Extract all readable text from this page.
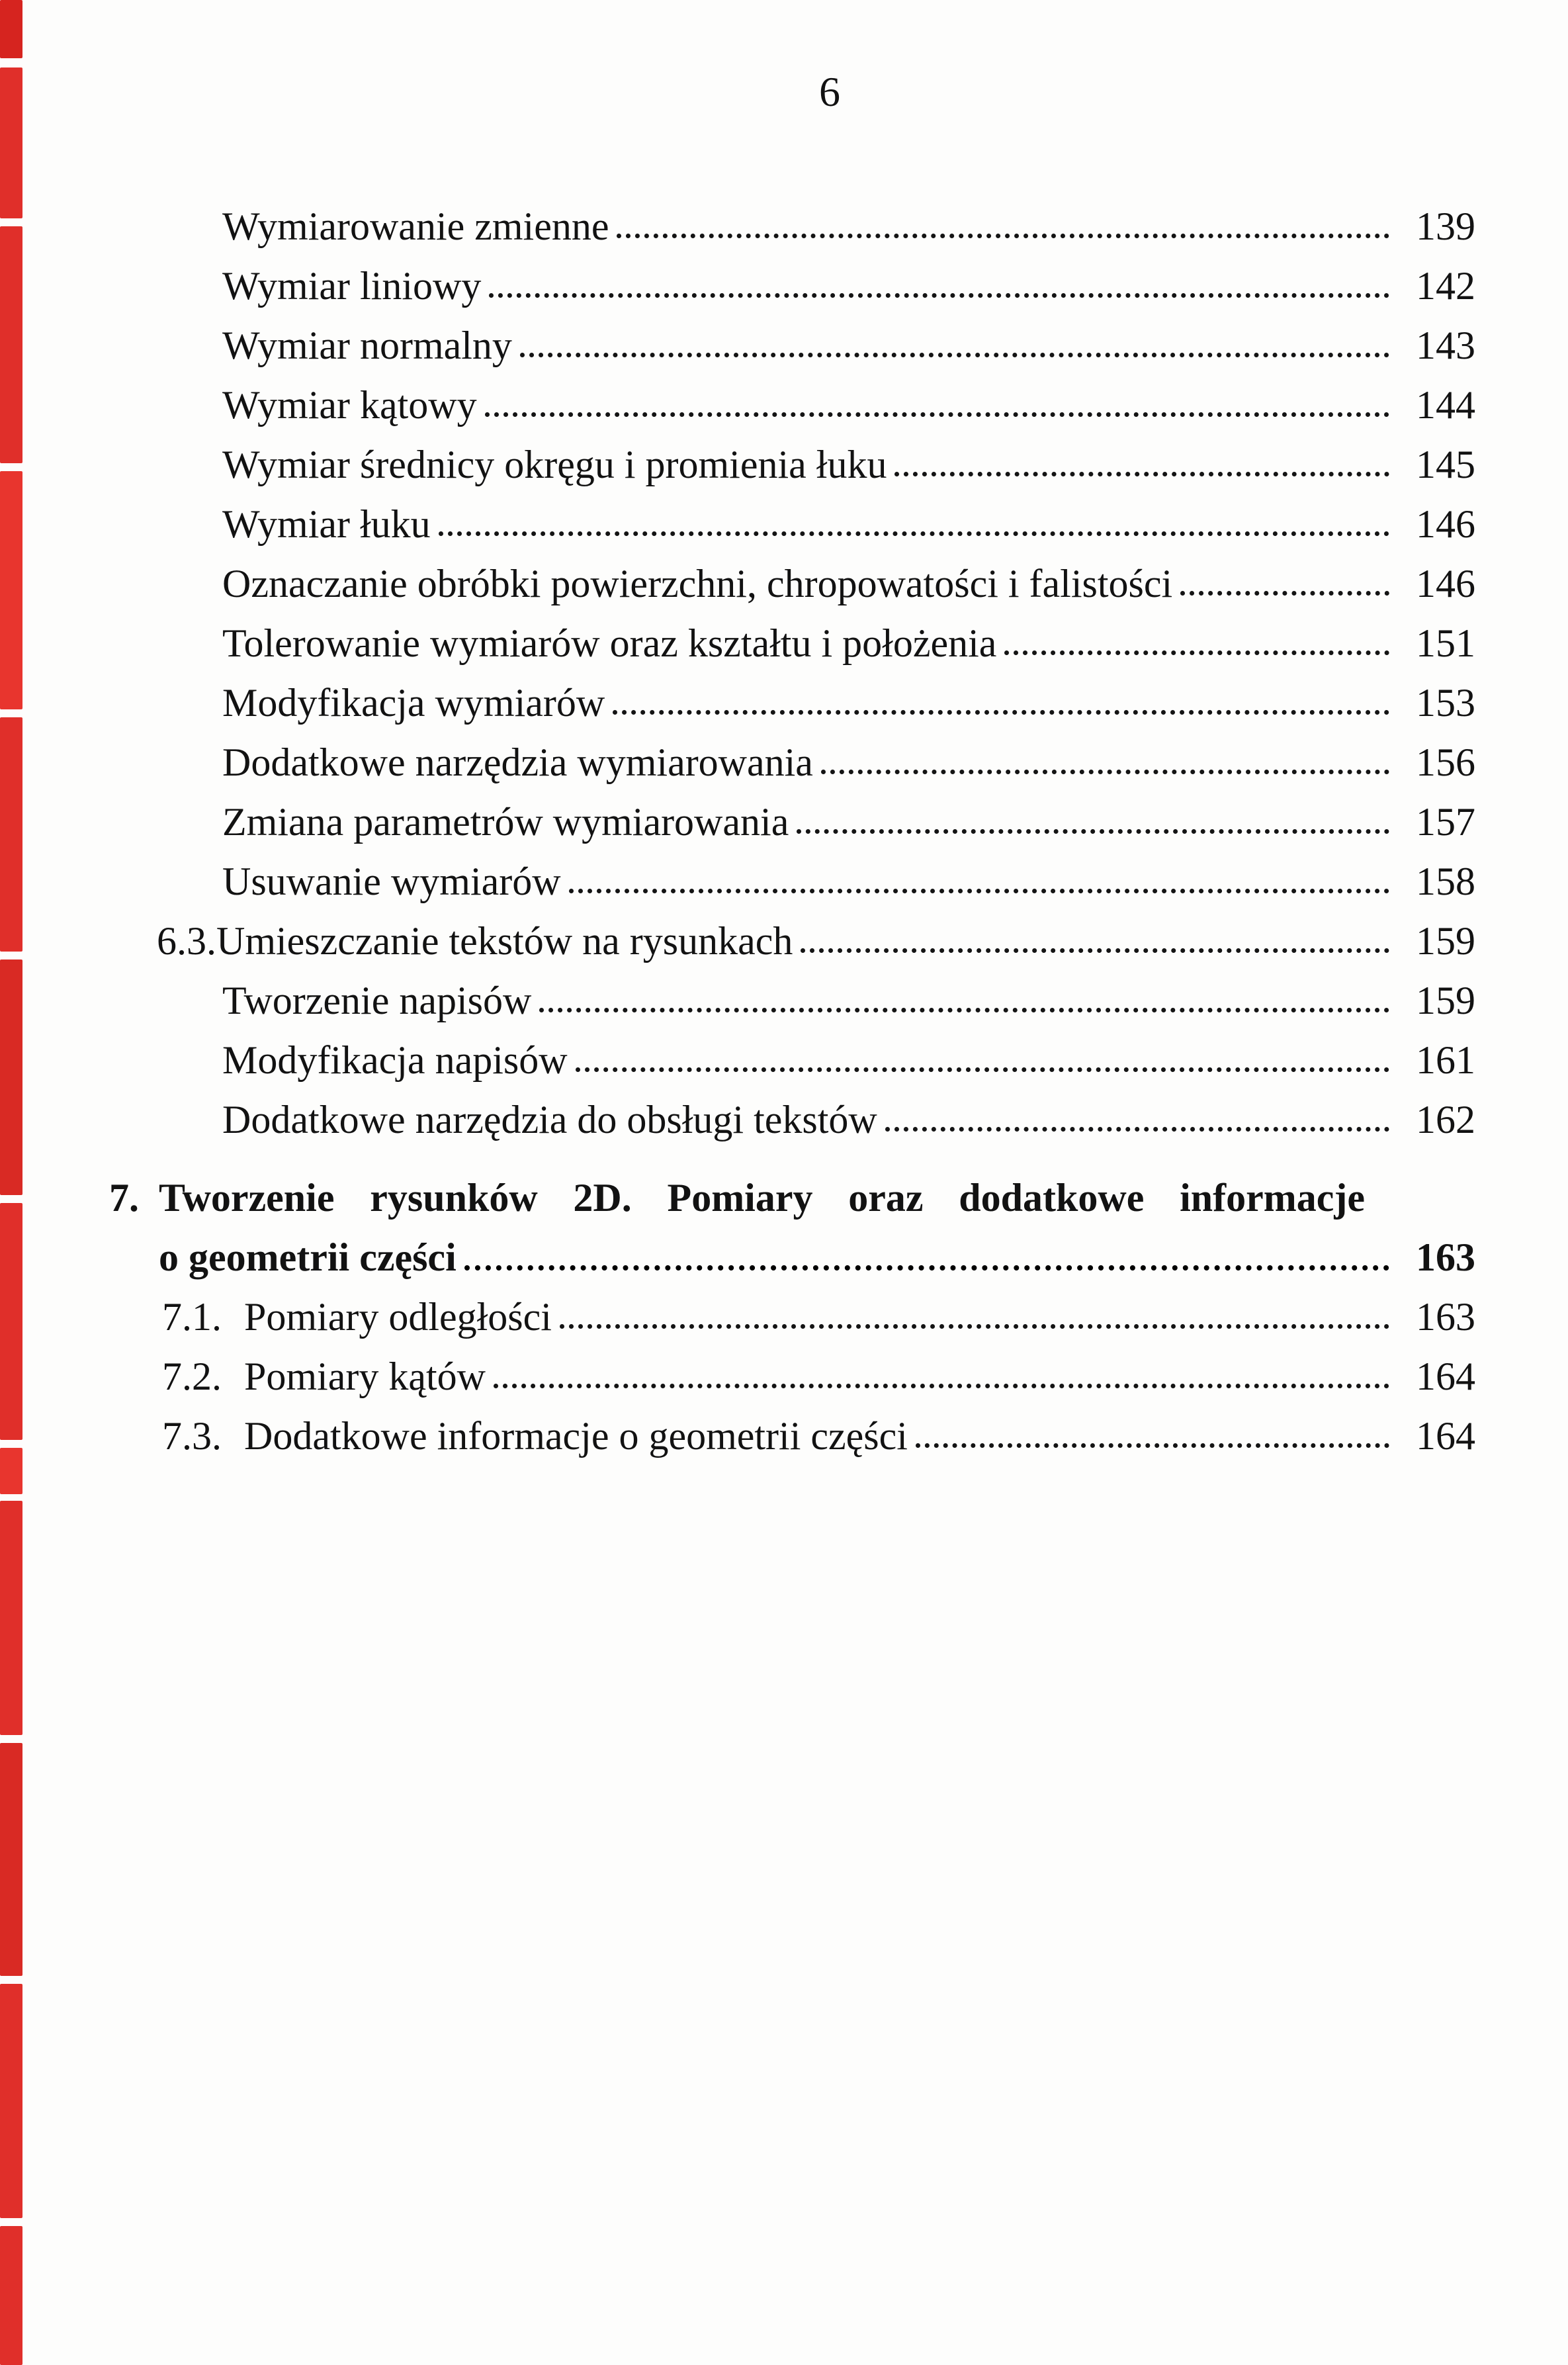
6
Wymiarowanie zmienne	139
Wymiar liniowy	142
Wymiar normalny	143
Wymiar kątowy	144
Wymiar średnicy okręgu i promienia łuku	145
Wymiar łuku	146
Oznaczanie obróbki powierzchni, chropowatości i falistości	146
Tolerowanie wymiarów oraz kształtu i położenia	151
Modyfikacja wymiarów	153
Dodatkowe narzędzia wymiarowania	156
Zmiana parametrów wymiarowania	157
Usuwanie wymiarów	158
6.3. Umieszczanie tekstów na rysunkach	159
Tworzenie napisów	159
Modyfikacja napisów	161
Dodatkowe narzędzia do obsługi tekstów	162
7. Tworzenie rysunków 2D. Pomiary oraz dodatkowe informacje
o geometrii części	163
7.1. Pomiary odległości	163
7.2. Pomiary kątów	164
7.3. Dodatkowe informacje o geometrii części	164
